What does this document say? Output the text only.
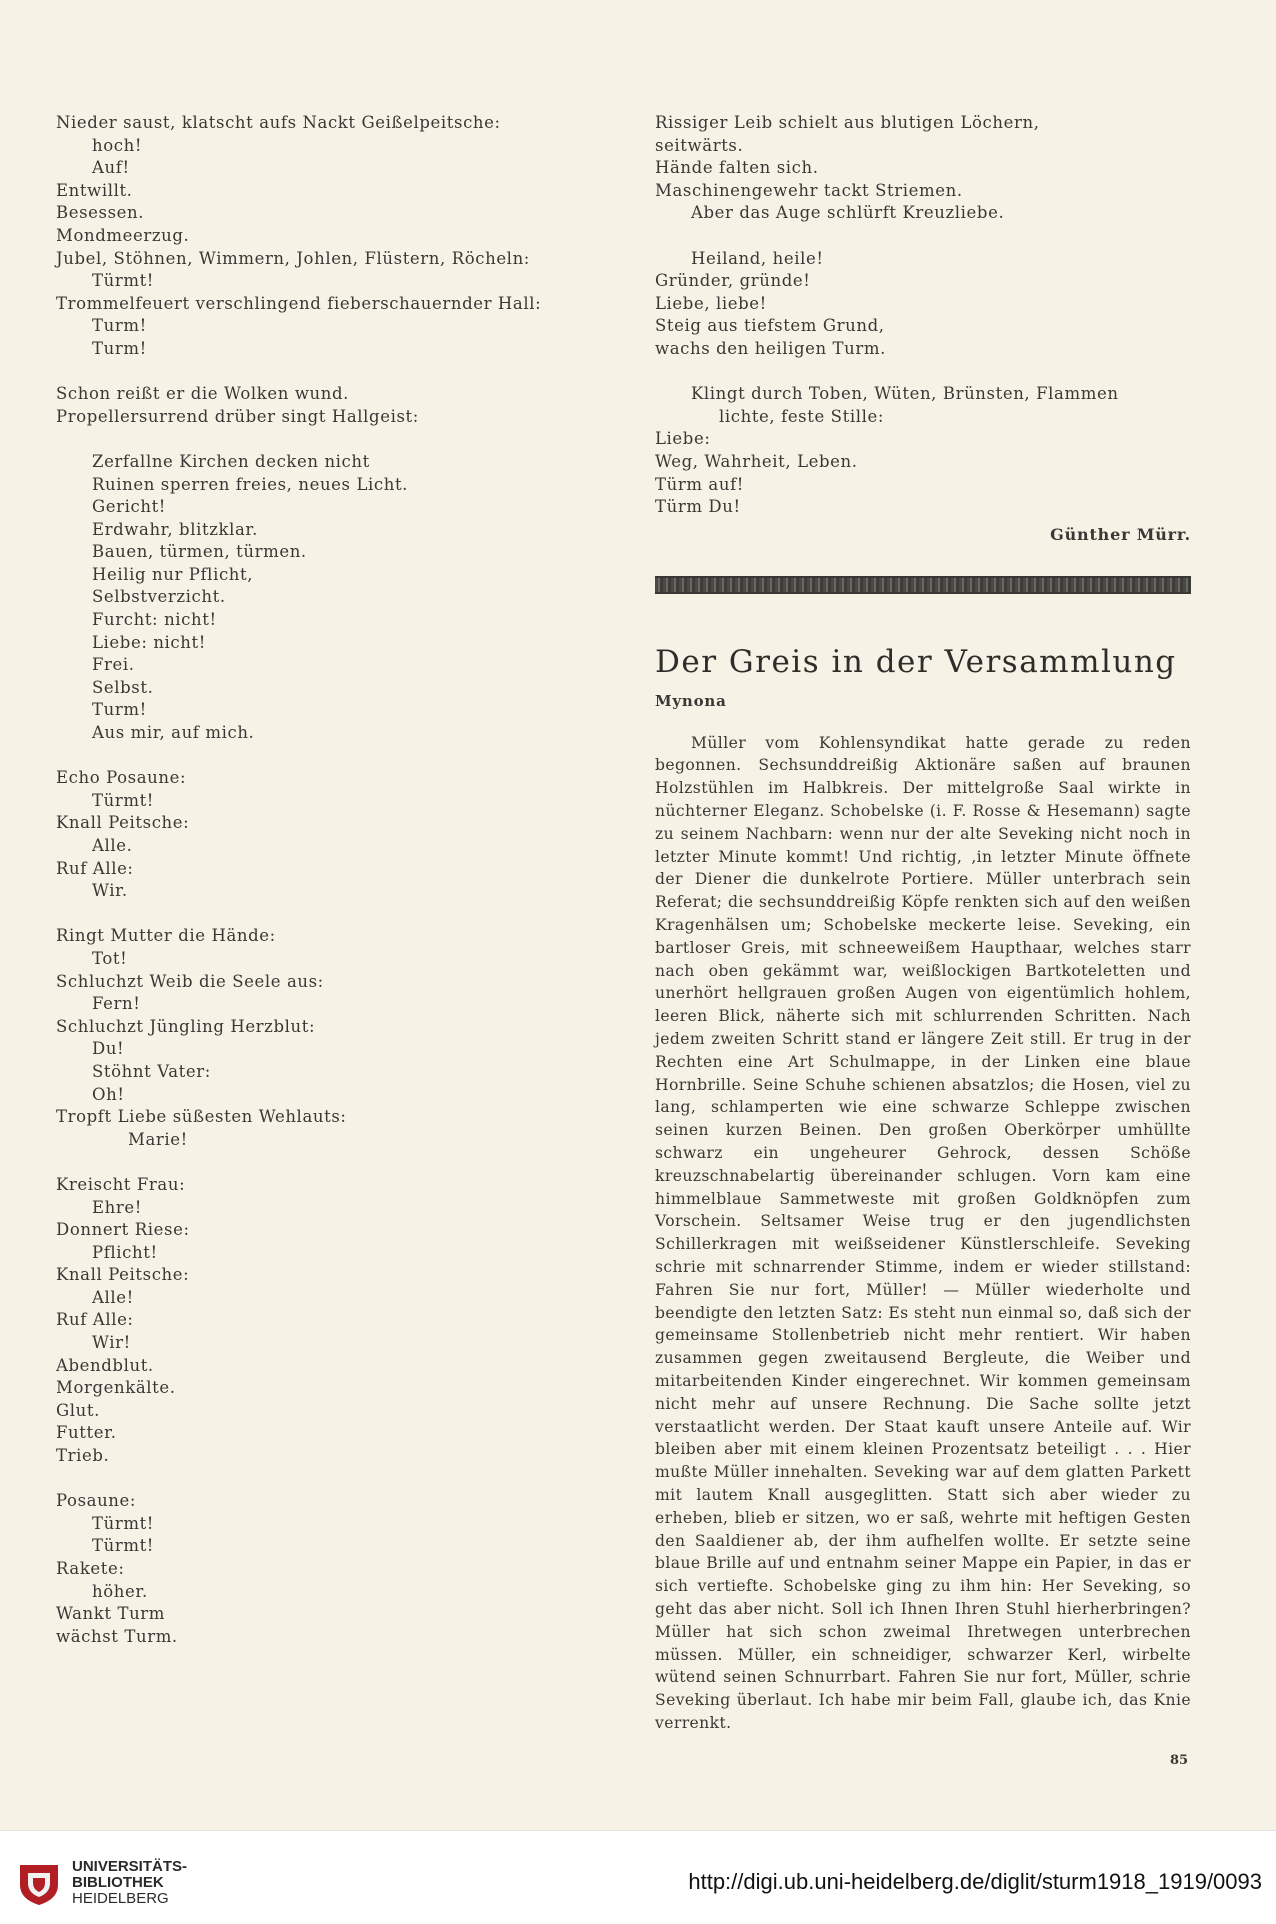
Nieder saust, klatscht aufs Nackt Geißelpeitsche:
hoch!
Auf!
Entwillt.
Besessen.
Mondmeerzug.
Jubel, Stöhnen, Wimmern, Johlen, Flüstern, Röcheln:
Türmt!
Trommelfeuert verschlingend fieberschauernder Hall:
Turm!
Turm!
Schon reißt er die Wolken wund.
Propellersurrend drüber singt Hallgeist:
Zerfallne Kirchen decken nicht
Ruinen sperren freies, neues Licht.
Gericht!
Erdwahr, blitzklar.
Bauen, türmen, türmen.
Heilig nur Pflicht,
Selbstverzicht.
Furcht: nicht!
Liebe: nicht!
Frei.
Selbst.
Turm!
Aus mir, auf mich.
Echo Posaune:
Türmt!
Knall Peitsche:
Alle.
Ruf Alle:
Wir.
Ringt Mutter die Hände:
Tot!
Schluchzt Weib die Seele aus:
Fern!
Schluchzt Jüngling Herzblut:
Du!
Stöhnt Vater:
Oh!
Tropft Liebe süßesten Wehlauts:
Marie!
Kreischt Frau:
Ehre!
Donnert Riese:
Pflicht!
Knall Peitsche:
Alle!
Ruf Alle:
Wir!
Abendblut.
Morgenkälte.
Glut.
Futter.
Trieb.
Posaune:
Türmt!
Türmt!
Rakete:
höher.
Wankt Turm
wächst Turm.
Rissiger Leib schielt aus blutigen Löchern,
seitwärts.
Hände falten sich.
Maschinengewehr tackt Striemen.
Aber das Auge schlürft Kreuzliebe.
Heiland, heile!
Gründer, gründe!
Liebe, liebe!
Steig aus tiefstem Grund,
wachs den heiligen Turm.
Klingt durch Toben, Wüten, Brünsten, Flammen
lichte, feste Stille:
Liebe:
Weg, Wahrheit, Leben.
Türm auf!
Türm Du!
Günther Mürr.
Der Greis in der Versammlung
Mynona
Müller vom Kohlensyndikat hatte gerade zu reden begonnen. Sechsunddreißig Aktionäre saßen auf braunen Holzstühlen im Halbkreis. Der mittelgroße Saal wirkte in nüchterner Eleganz. Schobelske (i. F. Rosse & Hesemann) sagte zu seinem Nachbarn: wenn nur der alte Seveking nicht noch in letzter Minute kommt! Und richtig, ‚in letzter Minute öffnete der Diener die dunkelrote Portiere. Müller unterbrach sein Referat; die sechsunddreißig Köpfe renkten sich auf den weißen Kragenhälsen um; Schobelske meckerte leise. Seveking, ein bartloser Greis, mit schneeweißem Haupthaar, welches starr nach oben gekämmt war, weißlockigen Bartkoteletten und unerhört hellgrauen großen Augen von eigentümlich hohlem, leeren Blick, näherte sich mit schlurrenden Schritten. Nach jedem zweiten Schritt stand er längere Zeit still. Er trug in der Rechten eine Art Schulmappe, in der Linken eine blaue Hornbrille. Seine Schuhe schienen absatzlos; die Hosen, viel zu lang, schlamperten wie eine schwarze Schleppe zwischen seinen kurzen Beinen. Den großen Oberkörper umhüllte schwarz ein ungeheurer Gehrock, dessen Schöße kreuzschnabelartig übereinander schlugen. Vorn kam eine himmelblaue Sammetweste mit großen Goldknöpfen zum Vorschein. Seltsamer Weise trug er den jugendlichsten Schillerkragen mit weißseidener Künstlerschleife. Seveking schrie mit schnarrender Stimme, indem er wieder stillstand: Fahren Sie nur fort, Müller! — Müller wiederholte und beendigte den letzten Satz: Es steht nun einmal so, daß sich der gemeinsame Stollenbetrieb nicht mehr rentiert. Wir haben zusammen gegen zweitausend Bergleute, die Weiber und mitarbeitenden Kinder eingerechnet. Wir kommen gemeinsam nicht mehr auf unsere Rechnung. Die Sache sollte jetzt verstaatlicht werden. Der Staat kauft unsere Anteile auf. Wir bleiben aber mit einem kleinen Prozentsatz beteiligt . . . Hier mußte Müller innehalten. Seveking war auf dem glatten Parkett mit lautem Knall ausgeglitten. Statt sich aber wieder zu erheben, blieb er sitzen, wo er saß, wehrte mit heftigen Gesten den Saaldiener ab, der ihm aufhelfen wollte. Er setzte seine blaue Brille auf und entnahm seiner Mappe ein Papier, in das er sich vertiefte. Schobelske ging zu ihm hin: Her Seveking, so geht das aber nicht. Soll ich Ihnen Ihren Stuhl hierherbringen? Müller hat sich schon zweimal Ihretwegen unterbrechen müssen. Müller, ein schneidiger, schwarzer Kerl, wirbelte wütend seinen Schnurrbart. Fahren Sie nur fort, Müller, schrie Seveking überlaut. Ich habe mir beim Fall, glaube ich, das Knie verrenkt.
85
UNIVERSITÄTS-
BIBLIOTHEK
HEIDELBERG
http://digi.ub.uni-heidelberg.de/diglit/sturm1918_1919/0093
